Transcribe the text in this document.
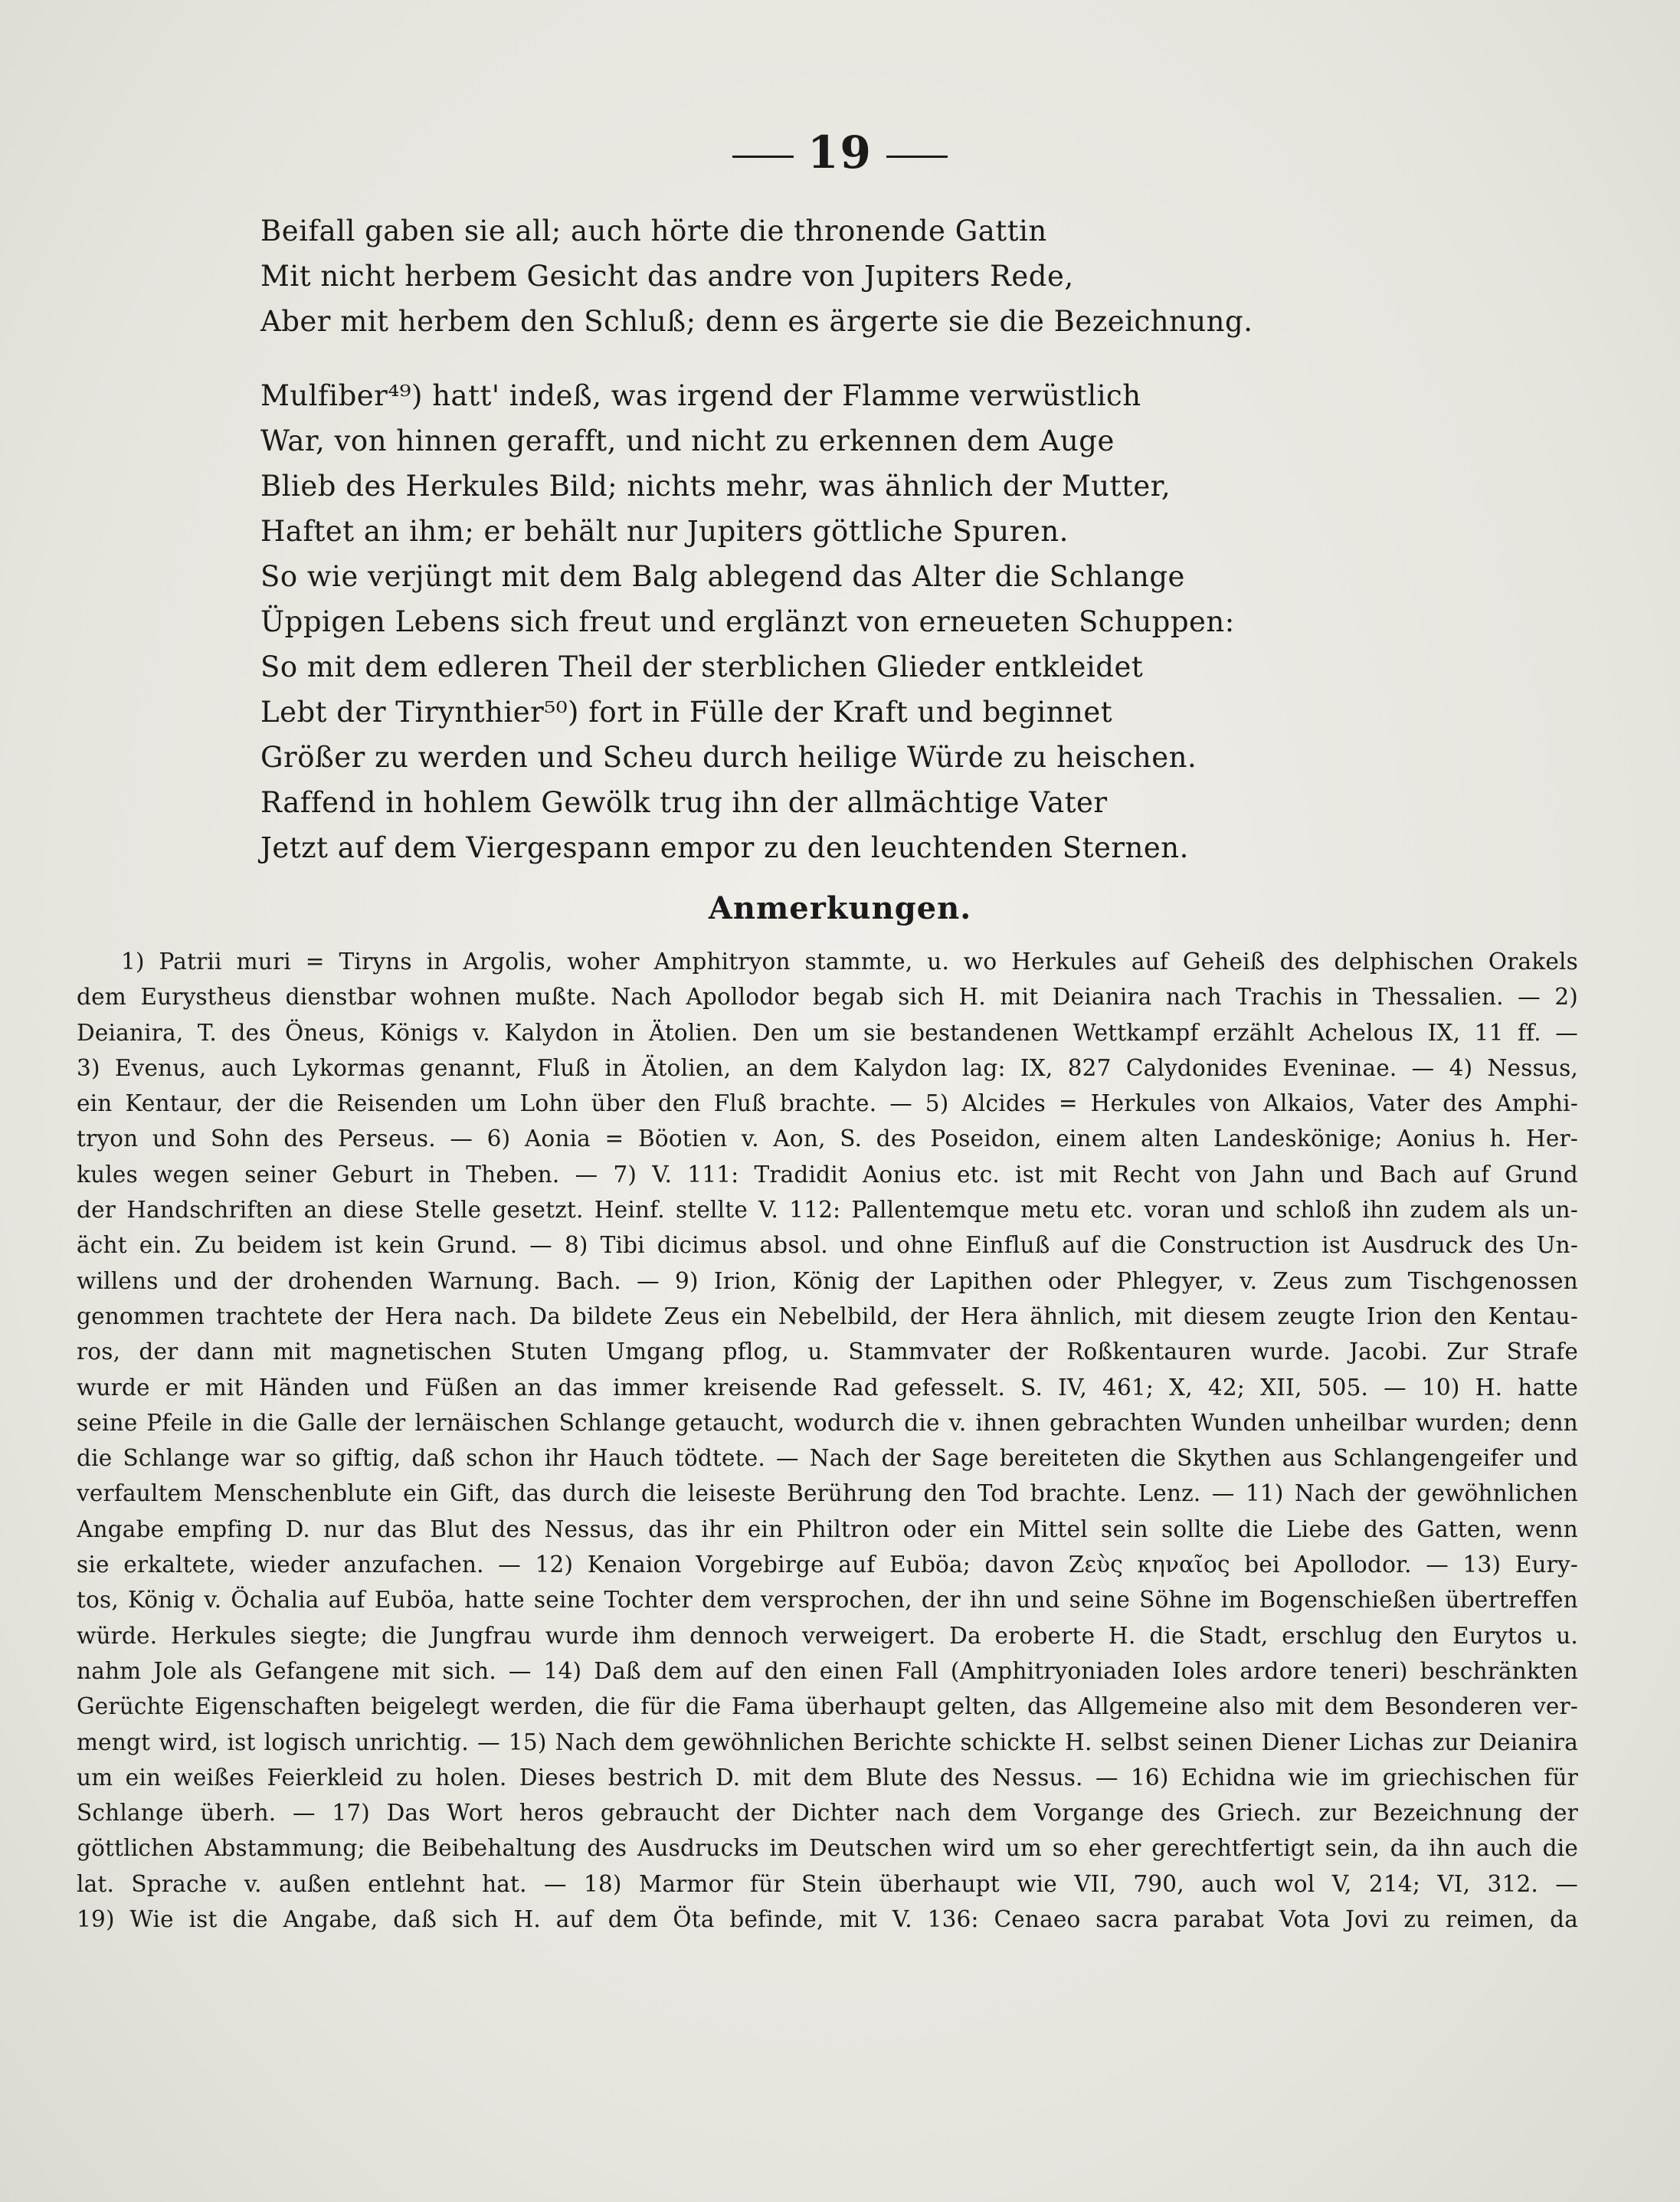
19
Beifall gaben sie all; auch hörte die thronende Gattin
Mit nicht herbem Gesicht das andre von Jupiters Rede,
Aber mit herbem den Schluß; denn es ärgerte sie die Bezeichnung.
Mulfiber⁴⁹) hatt' indeß, was irgend der Flamme verwüstlich
War, von hinnen gerafft, und nicht zu erkennen dem Auge
Blieb des Herkules Bild; nichts mehr, was ähnlich der Mutter,
Haftet an ihm; er behält nur Jupiters göttliche Spuren.
So wie verjüngt mit dem Balg ablegend das Alter die Schlange
Üppigen Lebens sich freut und erglänzt von erneueten Schuppen:
So mit dem edleren Theil der sterblichen Glieder entkleidet
Lebt der Tirynthier⁵⁰) fort in Fülle der Kraft und beginnet
Größer zu werden und Scheu durch heilige Würde zu heischen.
Raffend in hohlem Gewölk trug ihn der allmächtige Vater
Jetzt auf dem Viergespann empor zu den leuchtenden Sternen.
Anmerkungen.
1) Patrii muri = Tiryns in Argolis, woher Amphitryon stammte, u. wo Herkules auf Geheiß des delphischen Orakels
dem Eurystheus dienstbar wohnen mußte. Nach Apollodor begab sich H. mit Deianira nach Trachis in Thessalien. — 2)
Deianira, T. des Öneus, Königs v. Kalydon in Ätolien. Den um sie bestandenen Wettkampf erzählt Achelous IX, 11 ff. —
3) Evenus, auch Lykormas genannt, Fluß in Ätolien, an dem Kalydon lag: IX, 827 Calydonides Eveninae. — 4) Nessus,
ein Kentaur, der die Reisenden um Lohn über den Fluß brachte. — 5) Alcides = Herkules von Alkaios, Vater des Amphi-
tryon und Sohn des Perseus. — 6) Aonia = Böotien v. Aon, S. des Poseidon, einem alten Landeskönige; Aonius h. Her-
kules wegen seiner Geburt in Theben. — 7) V. 111: Tradidit Aonius etc. ist mit Recht von Jahn und Bach auf Grund
der Handschriften an diese Stelle gesetzt. Heinf. stellte V. 112: Pallentemque metu etc. voran und schloß ihn zudem als un-
ächt ein. Zu beidem ist kein Grund. — 8) Tibi dicimus absol. und ohne Einfluß auf die Construction ist Ausdruck des Un-
willens und der drohenden Warnung. Bach. — 9) Irion, König der Lapithen oder Phlegyer, v. Zeus zum Tischgenossen
genommen trachtete der Hera nach. Da bildete Zeus ein Nebelbild, der Hera ähnlich, mit diesem zeugte Irion den Kentau-
ros, der dann mit magnetischen Stuten Umgang pflog, u. Stammvater der Roßkentauren wurde. Jacobi. Zur Strafe
wurde er mit Händen und Füßen an das immer kreisende Rad gefesselt. S. IV, 461; X, 42; XII, 505. — 10) H. hatte
seine Pfeile in die Galle der lernäischen Schlange getaucht, wodurch die v. ihnen gebrachten Wunden unheilbar wurden; denn
die Schlange war so giftig, daß schon ihr Hauch tödtete. — Nach der Sage bereiteten die Skythen aus Schlangengeifer und
verfaultem Menschenblute ein Gift, das durch die leiseste Berührung den Tod brachte. Lenz. — 11) Nach der gewöhnlichen
Angabe empfing D. nur das Blut des Nessus, das ihr ein Philtron oder ein Mittel sein sollte die Liebe des Gatten, wenn
sie erkaltete, wieder anzufachen. — 12) Kenaion Vorgebirge auf Euböa; davon Ζεὺς κηναῖος bei Apollodor. — 13) Eury-
tos, König v. Öchalia auf Euböa, hatte seine Tochter dem versprochen, der ihn und seine Söhne im Bogenschießen übertreffen
würde. Herkules siegte; die Jungfrau wurde ihm dennoch verweigert. Da eroberte H. die Stadt, erschlug den Eurytos u.
nahm Jole als Gefangene mit sich. — 14) Daß dem auf den einen Fall (Amphitryoniaden Ioles ardore teneri) beschränkten
Gerüchte Eigenschaften beigelegt werden, die für die Fama überhaupt gelten, das Allgemeine also mit dem Besonderen ver-
mengt wird, ist logisch unrichtig. — 15) Nach dem gewöhnlichen Berichte schickte H. selbst seinen Diener Lichas zur Deianira
um ein weißes Feierkleid zu holen. Dieses bestrich D. mit dem Blute des Nessus. — 16) Echidna wie im griechischen für
Schlange überh. — 17) Das Wort heros gebraucht der Dichter nach dem Vorgange des Griech. zur Bezeichnung der
göttlichen Abstammung; die Beibehaltung des Ausdrucks im Deutschen wird um so eher gerechtfertigt sein, da ihn auch die
lat. Sprache v. außen entlehnt hat. — 18) Marmor für Stein überhaupt wie VII, 790, auch wol V, 214; VI, 312. —
19) Wie ist die Angabe, daß sich H. auf dem Öta befinde, mit V. 136: Cenaeo sacra parabat Vota Jovi zu reimen, da
